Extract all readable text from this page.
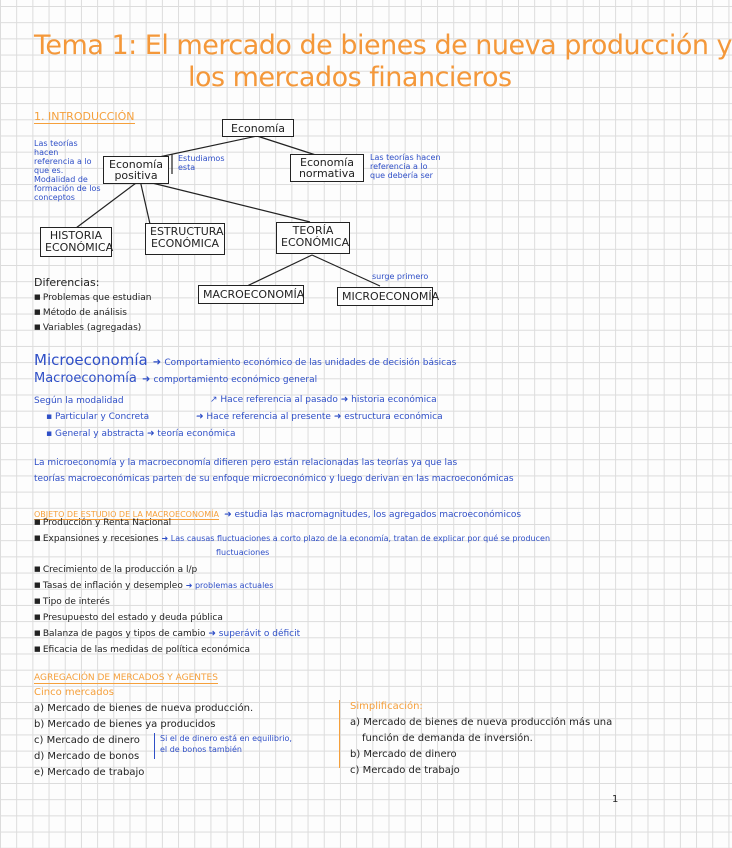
Tema 1: El mercado de bienes de nueva producción y
los mercados financieros
1. INTRODUCCIÓN
Economía
Economía
positiva
Las teorías hacen
referencia a lo
que es.
Modalidad de
formación de los
conceptos
Estudiamos
esta	Economía
normativa
Las teorías hacen
referencia a lo
que debería ser
HISTORIA
ECONÓMICA
ESTRUCTURA
ECONÓMICA
TEORÍA
ECONÓMICA
MACROECONOMÍA	MICROECONOMÍA
surge primero
Diferencias:
■ Problemas que estudian
■ Método de análisis
■ Variables (agregadas)
Microeconomía ➜ Comportamiento económico de las unidades de decisión básicas
Macroeconomía ➜ comportamiento económico general
Según la modalidad	↗ Hace referencia al pasado ➜ historia económica
▪ Particular y Concreta	➜ Hace referencia al presente ➜ estructura económica
▪ General y abstracta ➜ teoría económica
La microeconomía y la macroeconomía difieren pero están relacionadas las teorías ya que las
teorías macroeconómicas parten de su enfoque microeconómico y luego derivan en las macroeconómicas
OBJETO DE ESTUDIO DE LA MACROECONOMÍA ➜ estudia las macromagnitudes, los agregados macroeconómicos
■ Producción y Renta Nacional
■ Expansiones y recesiones ➜ Las causas fluctuaciones a corto plazo de la economía, tratan de explicar por qué se producen
fluctuaciones
■ Crecimiento de la producción a l/p
■ Tasas de inflación y desempleo ➜ problemas actuales
■ Tipo de interés
■ Presupuesto del estado y deuda pública
■ Balanza de pagos y tipos de cambio ➜ superávit o déficit
■ Eficacia de las medidas de política económica
AGREGACIÓN DE MERCADOS Y AGENTES
Cinco mercados
a) Mercado de bienes de nueva producción.
b) Mercado de bienes ya producidos
c) Mercado de dinero
d) Mercado de bonos
e) Mercado de trabajo
Si el de dinero está en equilibrio,
el de bonos también
Simplificación:
a) Mercado de bienes de nueva producción más una
función de demanda de inversión.
b) Mercado de dinero
c) Mercado de trabajo
1
